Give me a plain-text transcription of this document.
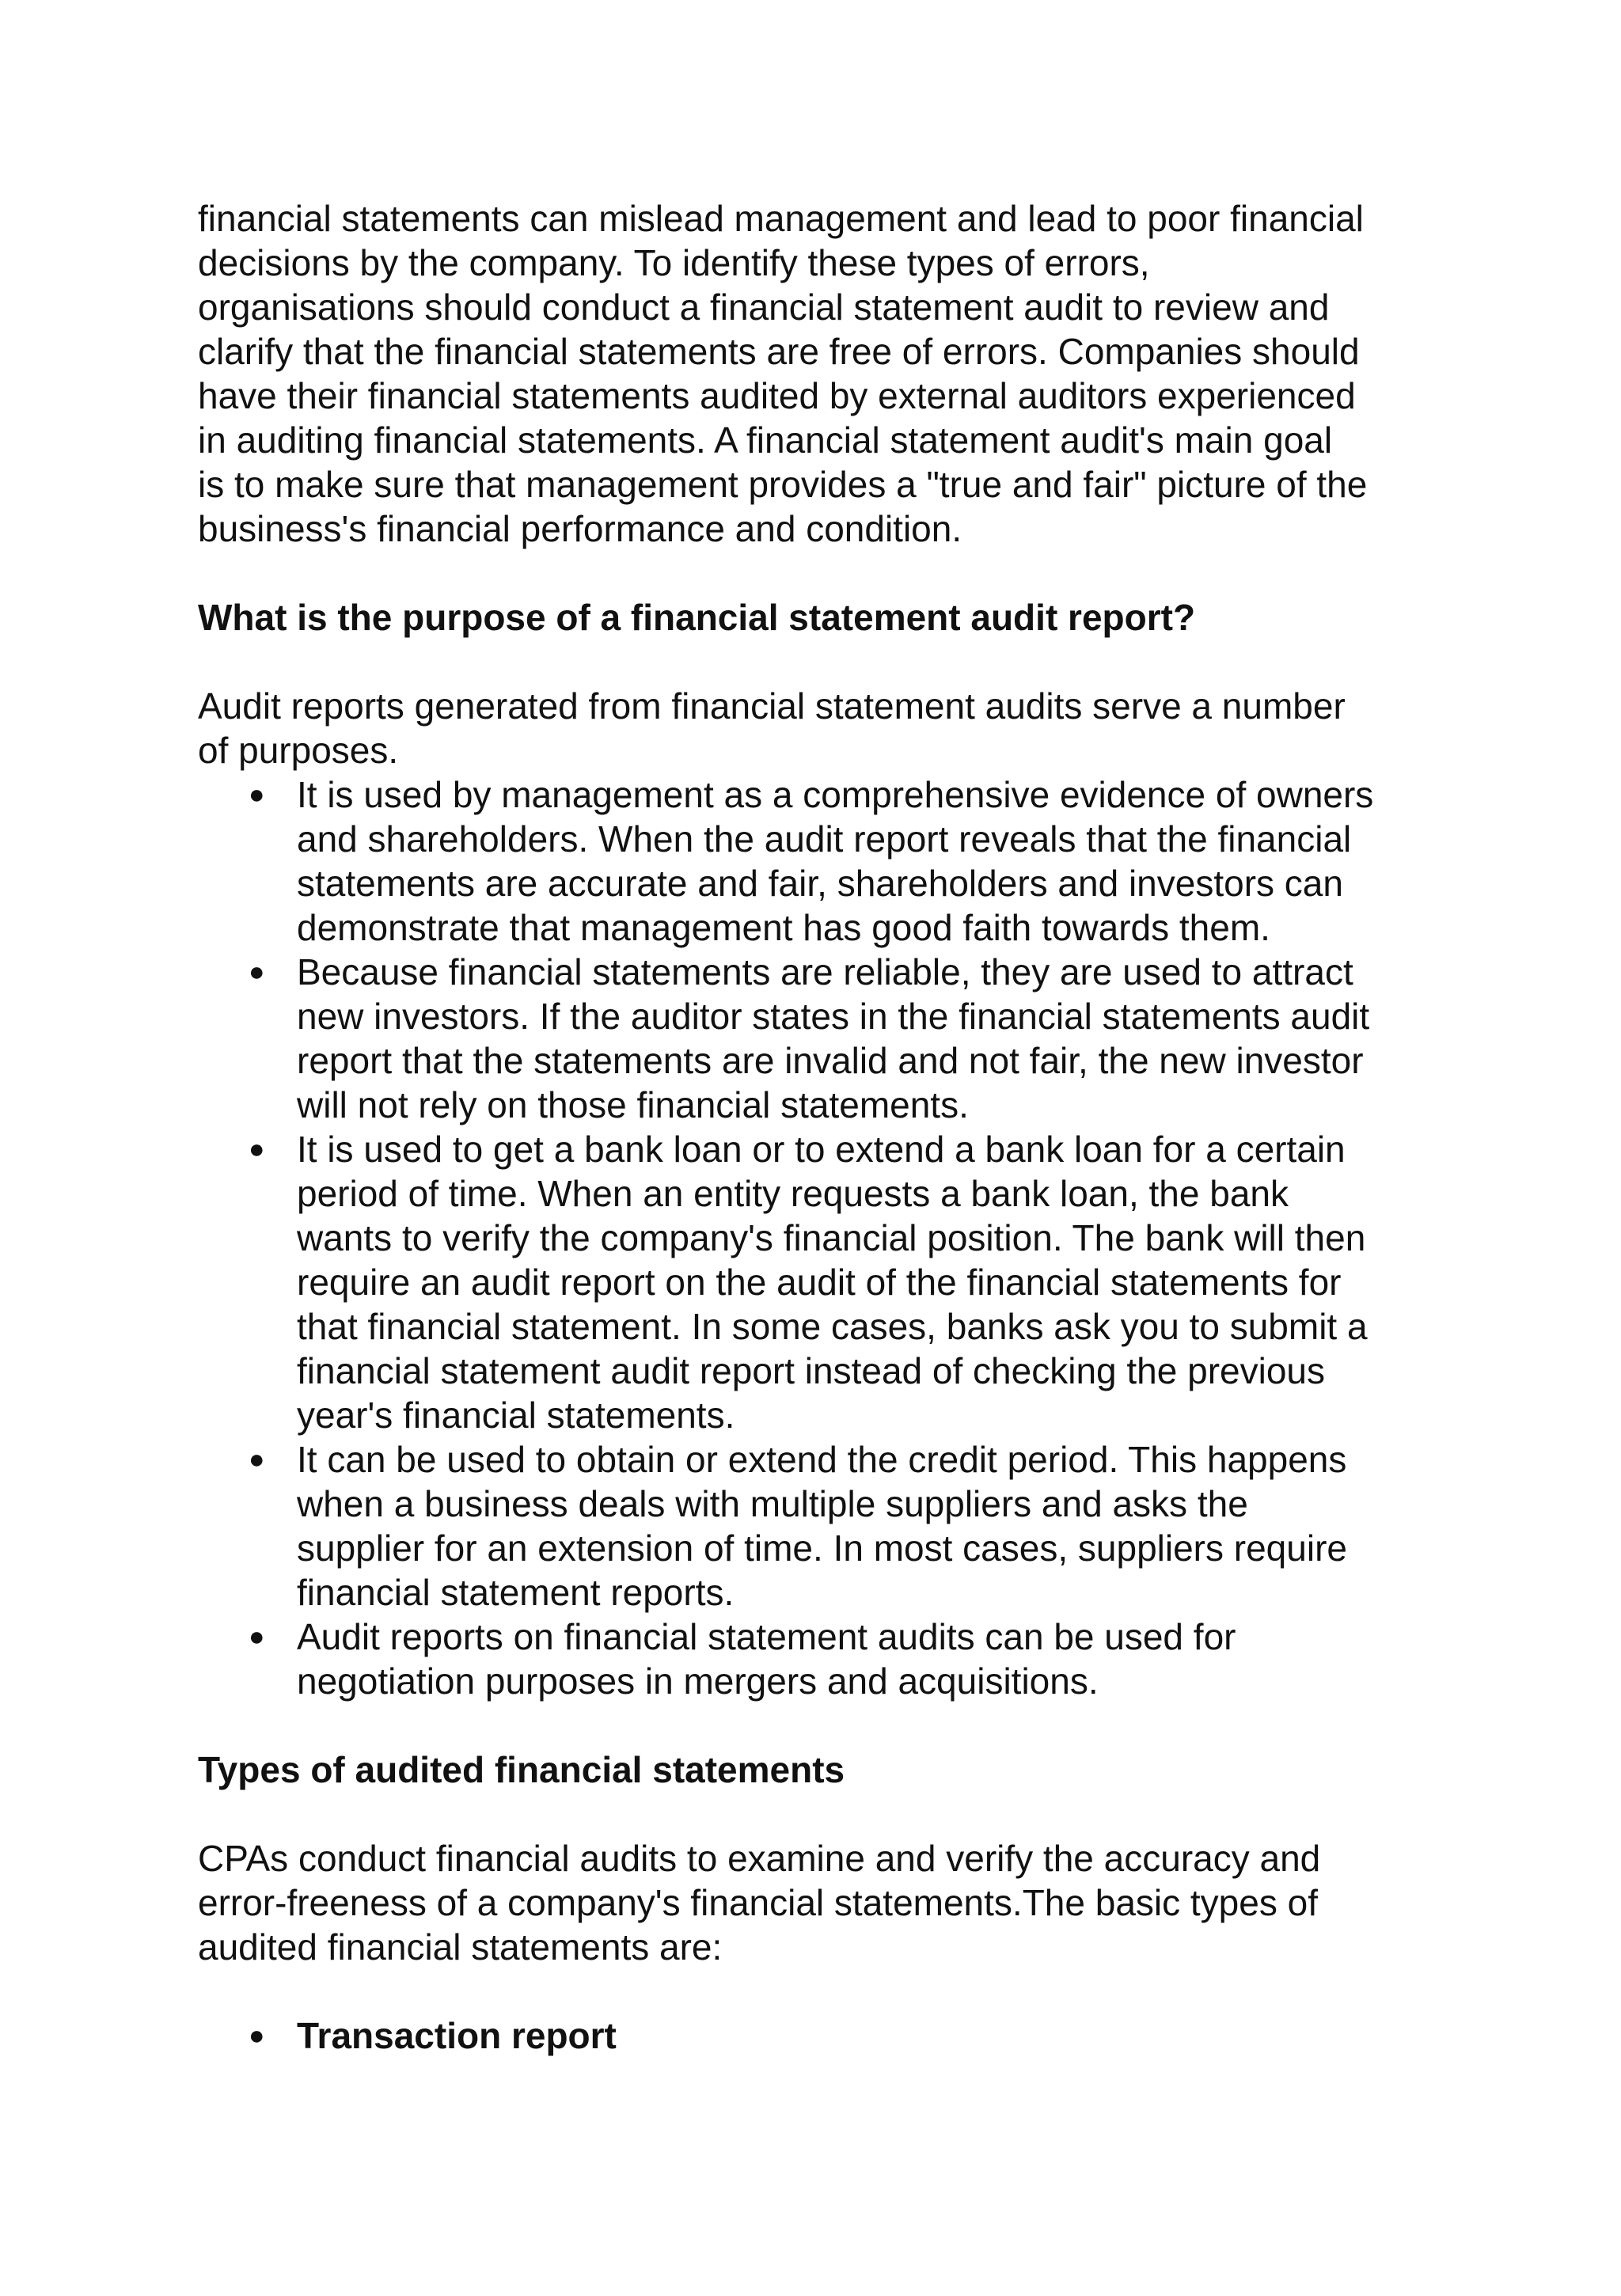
financial statements can mislead management and lead to poor financial
decisions by the company. To identify these types of errors,
organisations should conduct a financial statement audit to review and
clarify that the financial statements are free of errors. Companies should
have their financial statements audited by external auditors experienced
in auditing financial statements. A financial statement audit's main goal
is to make sure that management provides a "true and fair" picture of the
business's financial performance and condition.

What is the purpose of a financial statement audit report?

Audit reports generated from financial statement audits serve a number
of purposes.

● It is used by management as a comprehensive evidence of owners
and shareholders. When the audit report reveals that the financial
statements are accurate and fair, shareholders and investors can
demonstrate that management has good faith towards them.
● Because financial statements are reliable, they are used to attract
new investors. If the auditor states in the financial statements audit
report that the statements are invalid and not fair, the new investor
will not rely on those financial statements.
● It is used to get a bank loan or to extend a bank loan for a certain
period of time. When an entity requests a bank loan, the bank
wants to verify the company's financial position. The bank will then
require an audit report on the audit of the financial statements for
that financial statement. In some cases, banks ask you to submit a
financial statement audit report instead of checking the previous
year's financial statements.
● It can be used to obtain or extend the credit period. This happens
when a business deals with multiple suppliers and asks the
supplier for an extension of time. In most cases, suppliers require
financial statement reports.
● Audit reports on financial statement audits can be used for
negotiation purposes in mergers and acquisitions.

Types of audited financial statements

CPAs conduct financial audits to examine and verify the accuracy and
error-freeness of a company's financial statements.The basic types of
audited financial statements are:

● Transaction report
